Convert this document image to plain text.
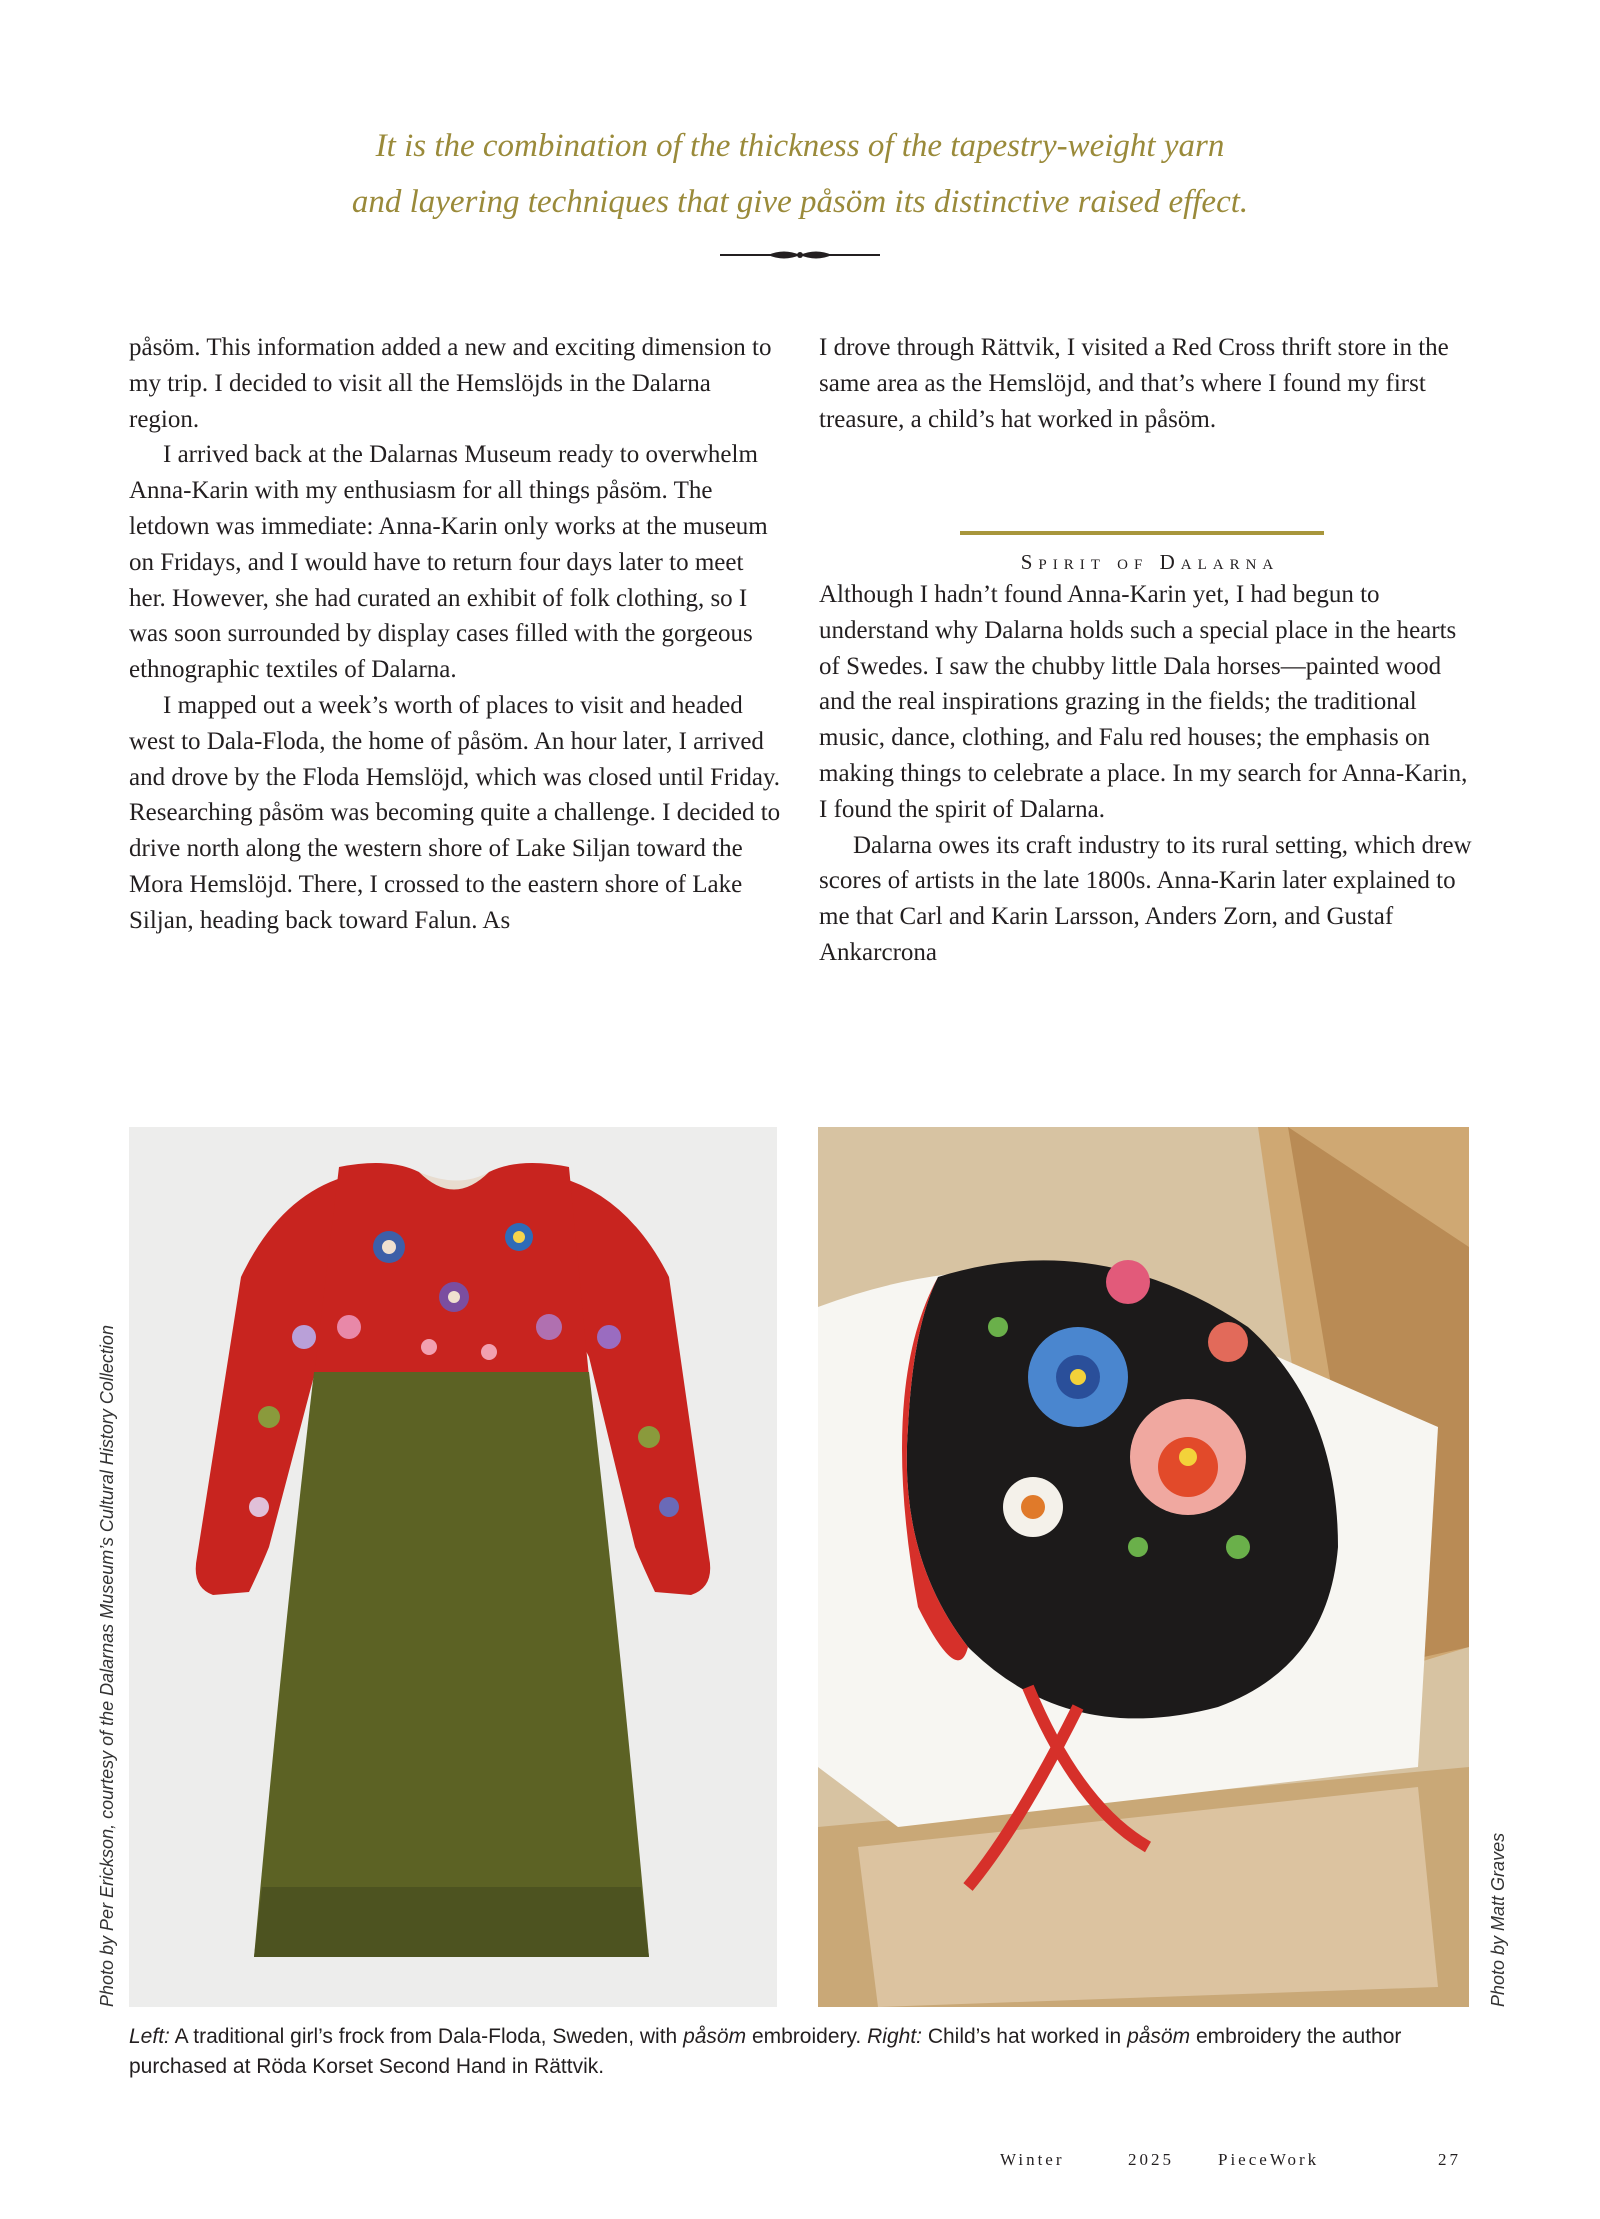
It is the combination of the thickness of the tapestry-weight yarn
and layering techniques that give påsöm its distinctive raised effect.

påsöm. This information added a new and exciting dimension to my trip. I decided to visit all the Hemslöjds in the Dalarna region.

I arrived back at the Dalarnas Museum ready to overwhelm Anna-Karin with my enthusiasm for all things påsöm. The letdown was immediate: Anna-Karin only works at the museum on Fridays, and I would have to return four days later to meet her. However, she had curated an exhibit of folk clothing, so I was soon surrounded by display cases filled with the gorgeous ethnographic textiles of Dalarna.

I mapped out a week’s worth of places to visit and headed west to Dala-Floda, the home of påsöm. An hour later, I arrived and drove by the Floda Hemslöjd, which was closed until Friday. Researching påsöm was becoming quite a challenge. I decided to drive north along the western shore of Lake Siljan toward the Mora Hemslöjd. There, I crossed to the eastern shore of Lake Siljan, heading back toward Falun. As

I drove through Rättvik, I visited a Red Cross thrift store in the same area as the Hemslöjd, and that’s where I found my first treasure, a child’s hat worked in påsöm.

Spirit of Dalarna

Although I hadn’t found Anna-Karin yet, I had begun to understand why Dalarna holds such a special place in the hearts of Swedes. I saw the chubby little Dala horses—painted wood and the real inspirations grazing in the fields; the traditional music, dance, clothing, and Falu red houses; the emphasis on making things to celebrate a place. In my search for Anna-Karin, I found the spirit of Dalarna.

Dalarna owes its craft industry to its rural setting, which drew scores of artists in the late 1800s. Anna-Karin later explained to me that Carl and Karin Larsson, Anders Zorn, and Gustaf Ankarcrona

Photo by Per Erickson, courtesy of the Dalarnas Museum’s Cultural History Collection	Photo by Matt Graves

Left: A traditional girl’s frock from Dala-Floda, Sweden, with påsöm embroidery. Right: Child’s hat worked in påsöm embroidery the author purchased at Röda Korset Second Hand in Rättvik.

Winter	2025	PieceWork	27
